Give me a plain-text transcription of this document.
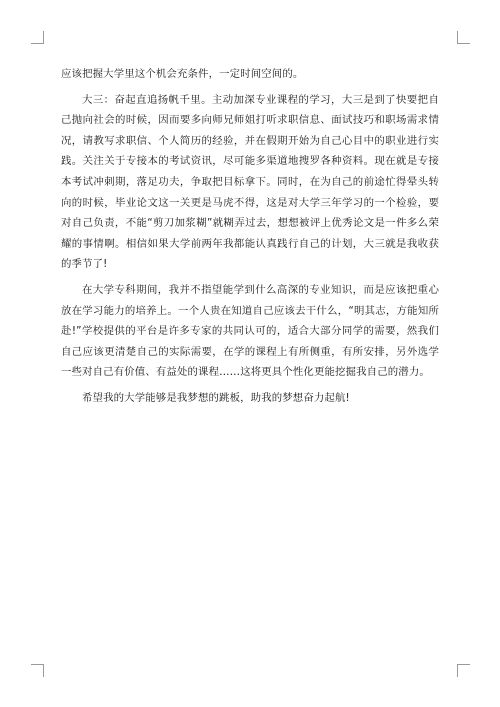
应该把握大学里这个机会充条件，一定时间空间的。

大三：奋起直追扬帆千里。主动加深专业课程的学习，大三是到了快要把自己抛向社会的时候，因而要多向师兄师姐打听求职信息、面试技巧和职场需求情况，请教写求职信、个人简历的经验，并在假期开始为自己心目中的职业进行实践。关注关于专接本的考试资讯，尽可能多渠道地搜罗各种资料。现在就是专接本考试冲刺期，落足功夫，争取把目标拿下。同时，在为自己的前途忙得晕头转向的时候，毕业论文这一关更是马虎不得，这是对大学三年学习的一个检验，要对自己负责，不能“剪刀加浆糊”就糊弄过去，想想被评上优秀论文是一件多么荣耀的事情啊。相信如果大学前两年我都能认真践行自己的计划，大三就是我收获的季节了!

在大学专科期间，我并不指望能学到什么高深的专业知识，而是应该把重心放在学习能力的培养上。一个人贵在知道自己应该去干什么，“明其志，方能知所赴!”学校提供的平台是许多专家的共同认可的，适合大部分同学的需要，然我们自己应该更清楚自己的实际需要，在学的课程上有所侧重，有所安排，另外选学一些对自己有价值、有益处的课程……这将更具个性化更能挖掘我自己的潜力。

希望我的大学能够是我梦想的跳板，助我的梦想奋力起航!
